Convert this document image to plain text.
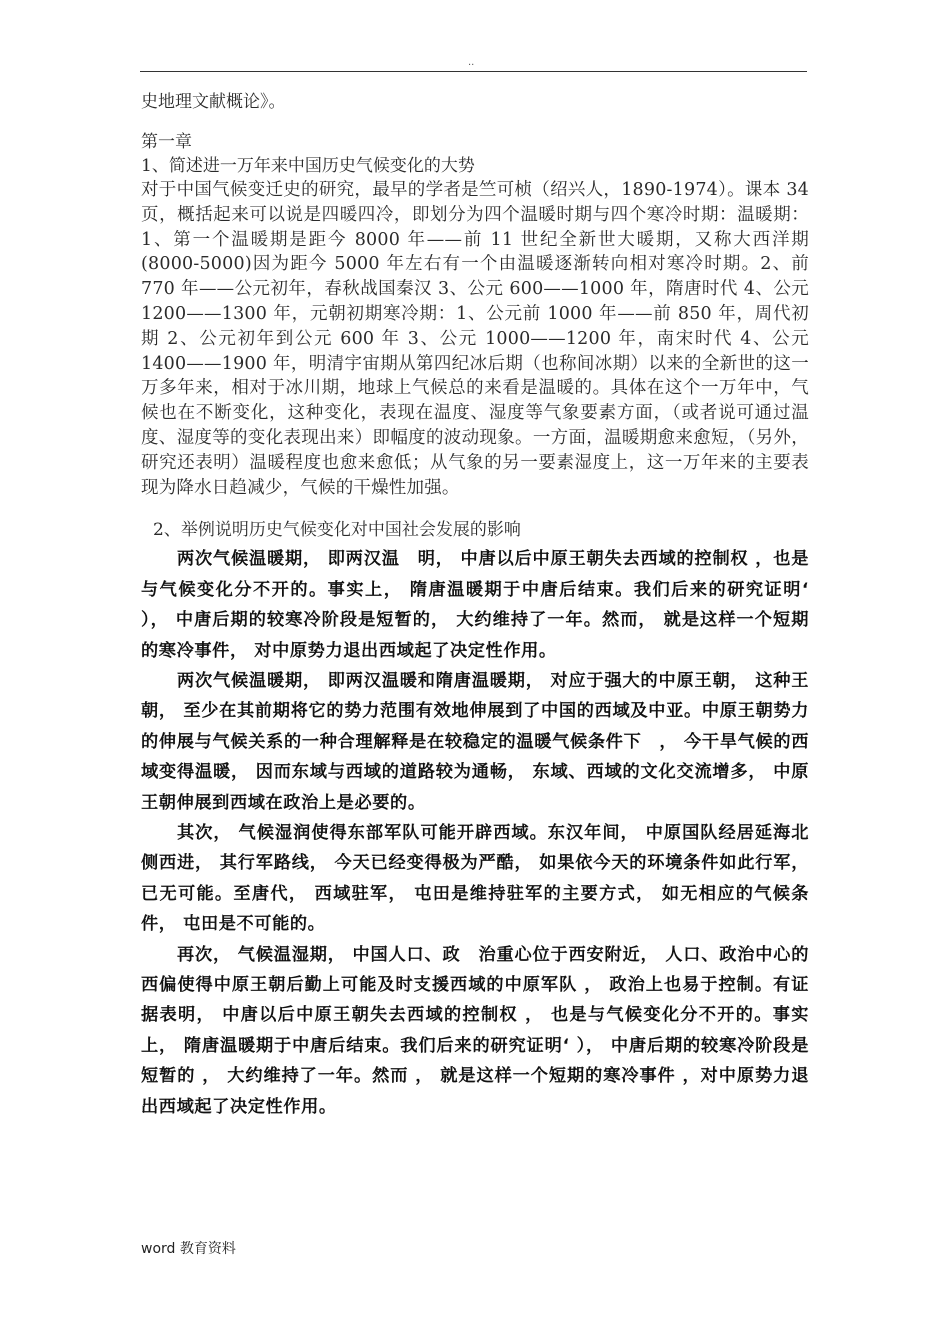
..

史地理文献概论》。

第一章

1、简述进一万年来中国历史气候变化的大势

对于中国气候变迁史的研究，最早的学者是竺可桢（绍兴人，1890-1974）。课本 34 页，概括起来可以说是四暖四冷，即划分为四个温暖时期与四个寒冷时期：温暖期：1、第一个温暖期是距今 8000 年——前 11 世纪全新世大暖期，又称大西洋期(8000-5000)因为距今 5000 年左右有一个由温暖逐渐转向相对寒冷时期。2、前 770 年——公元初年，春秋战国秦汉 3、公元 600——1000 年，隋唐时代 4、公元 1200——1300 年，元朝初期寒冷期：1、公元前 1000 年——前 850 年，周代初期 2、公元初年到公元 600 年 3、公元 1000——1200 年，南宋时代 4、公元 1400——1900 年，明清宇宙期从第四纪冰后期（也称间冰期）以来的全新世的这一万多年来，相对于冰川期，地球上气候总的来看是温暖的。具体在这个一万年中，气候也在不断变化，这种变化，表现在温度、湿度等气象要素方面，（或者说可通过温度、湿度等的变化表现出来）即幅度的波动现象。一方面，温暖期愈来愈短，（另外，研究还表明）温暖程度也愈来愈低；从气象的另一要素湿度上，这一万年来的主要表现为降水日趋减少，气候的干燥性加强。

2、举例说明历史气候变化对中国社会发展的影响

两次气候温暖期， 即两汉温　明， 中唐以后中原王朝失去西域的控制权 ，也是与气候变化分不开的。事实上， 隋唐温暖期于中唐后结束。我们后来的研究证明‘ ）， 中唐后期的较寒冷阶段是短暂的， 大约维持了一年。然而， 就是这样一个短期的寒冷事件， 对中原势力退出西域起了决定性作用。

两次气候温暖期， 即两汉温暖和隋唐温暖期， 对应于强大的中原王朝， 这种王朝， 至少在其前期将它的势力范围有效地伸展到了中国的西域及中亚。中原王朝势力的伸展与气候关系的一种合理解释是在较稳定的温暖气候条件下　， 今干旱气候的西域变得温暖， 因而东域与西域的道路较为通畅， 东域、西域的文化交流增多， 中原王朝伸展到西域在政治上是必要的。

其次， 气候湿润使得东部军队可能开辟西域。东汉年间， 中原国队经居延海北侧西进， 其行军路线， 今天已经变得极为严酷， 如果依今天的环境条件如此行军， 已无可能。至唐代， 西域驻军， 屯田是维持驻军的主要方式， 如无相应的气候条件， 屯田是不可能的。

再次， 气候温湿期， 中国人口、政　治重心位于西安附近， 人口、政治中心的西偏使得中原王朝后勤上可能及时支援西域的中原军队 ， 政治上也易于控制。有证据表明， 中唐以后中原王朝失去西域的控制权 ， 也是与气候变化分不开的。事实上， 隋唐温暖期于中唐后结束。我们后来的研究证明‘ ）， 中唐后期的较寒冷阶段是短暂的 ， 大约维持了一年。然而 ， 就是这样一个短期的寒冷事件 ，对中原势力退出西域起了决定性作用。

word 教育资料
